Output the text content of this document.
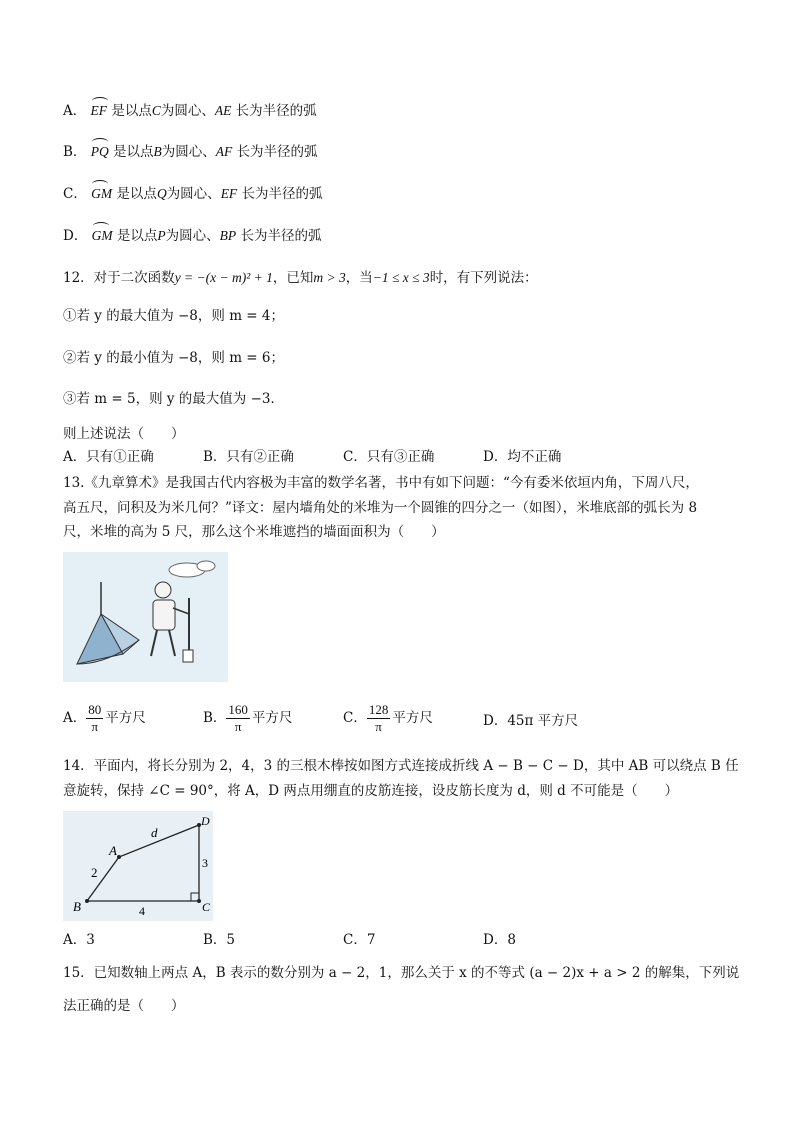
A． EF 是以点C为圆心、AE 长为半径的弧
B． PQ 是以点B为圆心、AF 长为半径的弧
C． GM 是以点Q为圆心、EF 长为半径的弧
D． GM 是以点P为圆心、BP 长为半径的弧
12．对于二次函数y = −(x − m)² + 1，已知m > 3，当−1 ≤ x ≤ 3时，有下列说法：
①若 y 的最大值为 −8，则 m = 4；
②若 y 的最小值为 −8，则 m = 6；
③若 m = 5，则 y 的最大值为 −3．
则上述说法（　　）
A．只有①正确	B．只有②正确	C．只有③正确	D．均不正确
13.《九章算术》是我国古代内容极为丰富的数学名著，书中有如下问题：“今有委米依垣内角，下周八尺，
高五尺，问积及为米几何？”译文：屋内墙角处的米堆为一个圆锥的四分之一（如图），米堆底部的弧长为 8
尺，米堆的高为 5 尺，那么这个米堆遮挡的墙面面积为（　　）
A． $\frac{80}{\pi}$ 平方尺	B． $\frac{160}{\pi}$ 平方尺	C． $\frac{128}{\pi}$ 平方尺	D．45π 平方尺
14．平面内，将长分别为 2，4，3 的三根木棒按如图方式连接成折线 A − B − C − D，其中 AB 可以绕点 B 任
意旋转，保持 ∠C = 90°，将 A，D 两点用绷直的皮筋连接，设皮筋长度为 d，则 d 不可能是（　　）
A
B	C
D
d
2
4
3
A．3	B．5	C．7	D．8
15．已知数轴上两点 A，B 表示的数分别为 a − 2，1，那么关于 x 的不等式 (a − 2)x + a > 2 的解集，下列说
法正确的是（　　）
